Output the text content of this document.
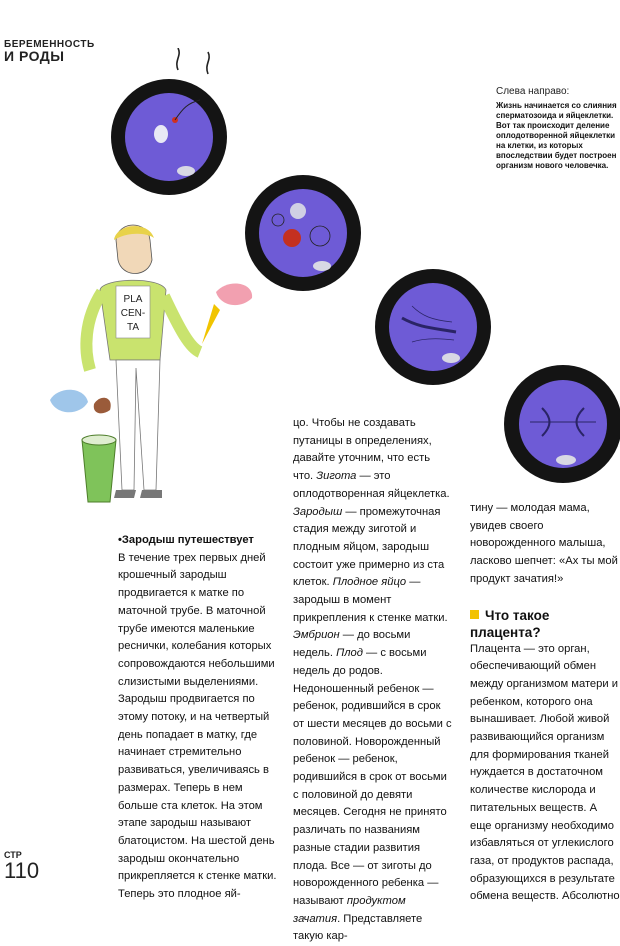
БЕРЕМЕННОСТЬ
И РОДЫ
Слева направо:
Жизнь начинается со слияния сперматозоида и яйцеклетки. Вот так происходит деление оплодотворенной яйцеклетки на клетки, из которых впоследствии будет построен организм нового человечка.
PLA
CEN-
TA

•Зародыш путешествует

В течение трех первых дней крошечный зародыш продвигается к матке по маточной трубе. В маточной трубе имеются маленькие реснички, колебания которых сопровождаются небольшими слизистыми выделениями. Зародыш продвигается по этому потоку, и на четвертый день попадает в матку, где начинает стремительно развиваться, увеличиваясь в размерах. Теперь в нем больше ста клеток. На этом этапе зародыш называют блатоцистом. На шестой день зародыш окончательно прикрепляется к стенке матки. Теперь это плодное яй-

цо. Чтобы не создавать путаницы в определениях, давайте уточним, что есть что. Зигота — это оплодотворенная яйцеклетка. Зародыш — промежуточная стадия между зиготой и плодным яйцом, зародыш состоит уже примерно из ста клеток. Плодное яйцо — зародыш в момент прикрепления к стенке матки. Эмбрион — до восьми недель. Плод — с восьми недель до родов. Недоношенный ребенок — ребенок, родившийся в срок от шести месяцев до восьми с половиной. Новорожденный ребенок — ребенок, родившийся в срок от восьми с половиной до девяти месяцев. Сегодня не принято различать по названиям разные стадии развития плода. Все — от зиготы до новорожденного ребенка — называют продуктом зачатия. Представляете такую кар-

тину — молодая мама, увидев своего новорожденного малыша, ласково шепчет: «Ах ты мой продукт зачатия!»

Что такое плацента?

Плацента — это орган, обеспечивающий обмен между организмом матери и ребенком, которого она вынашивает. Любой живой развивающийся организм для формирования тканей нуждается в достаточном количестве кислорода и питательных веществ. А еще организму необходимо избавляться от углекислого газа, от продуктов распада, образующихся в результате обмена веществ. Абсолютно

СТР
110
